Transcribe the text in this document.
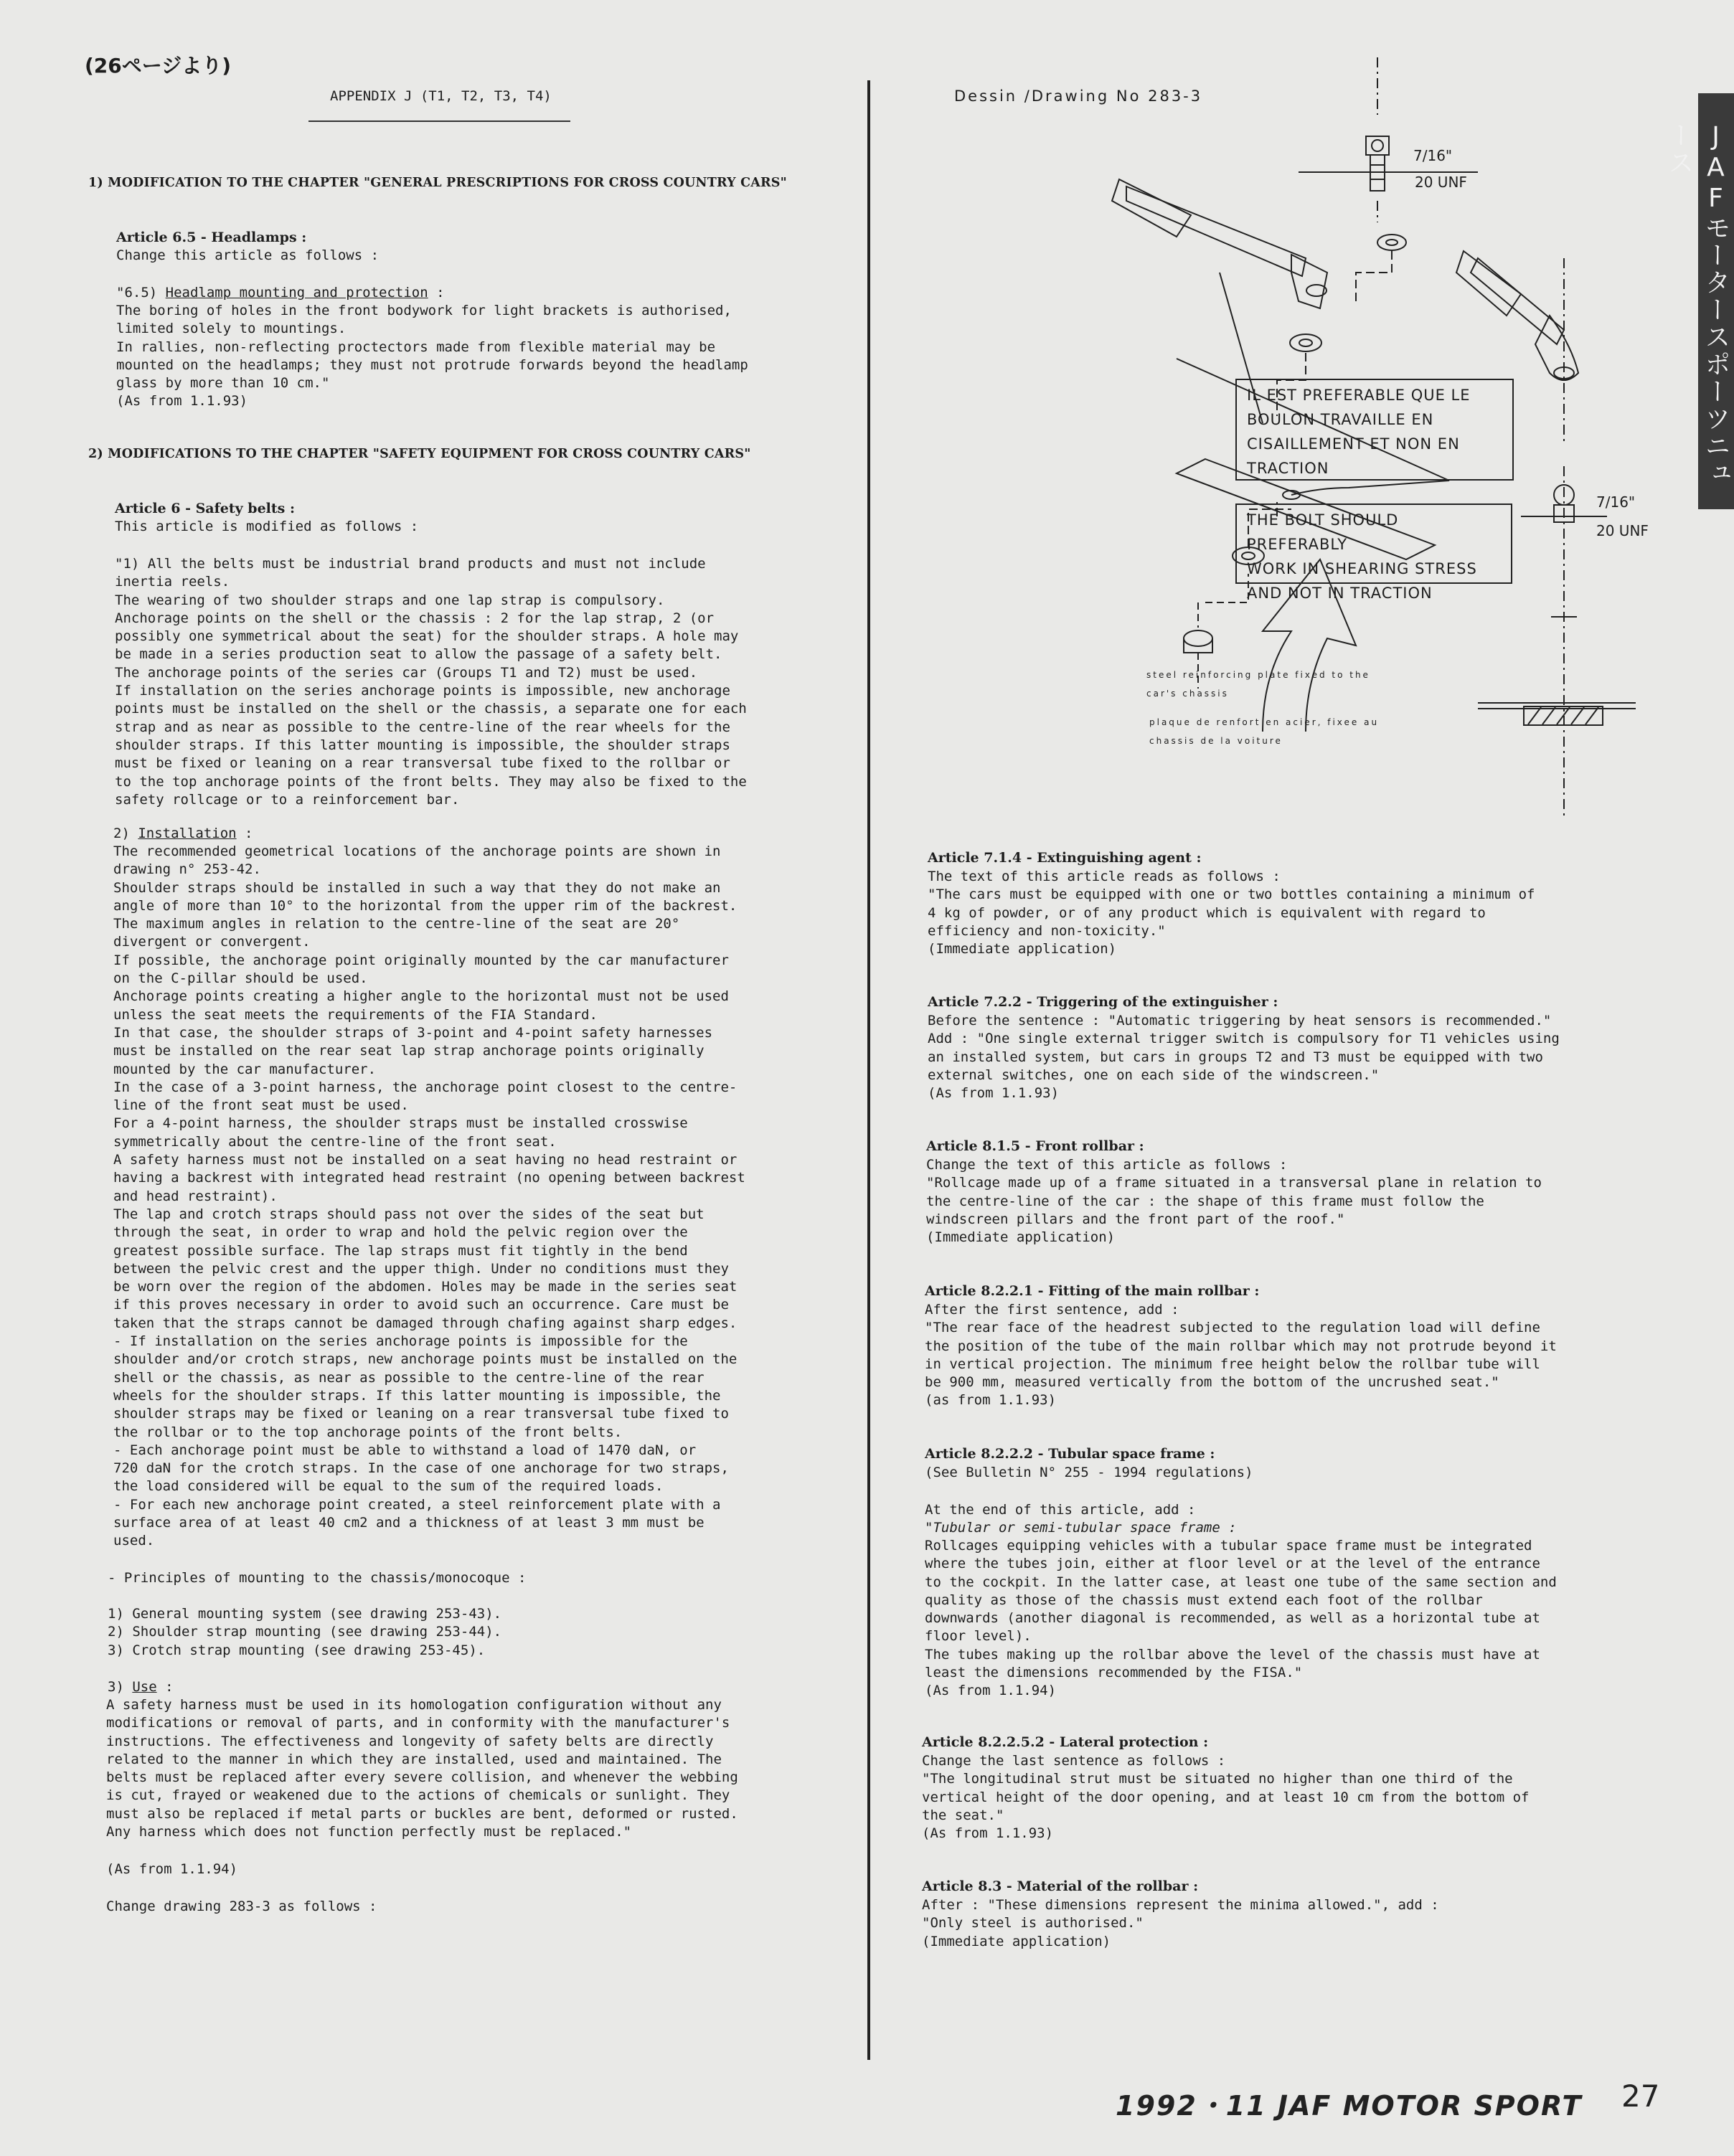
(26ページより)
APPENDIX J (T1, T2, T3, T4)
JAFモータースポーツニュース
1) MODIFICATION TO THE CHAPTER "GENERAL PRESCRIPTIONS FOR CROSS COUNTRY CARS"
Article 6.5 - Headlamps :
Change this article as follows :
"6.5) Headlamp mounting and protection :
The boring of holes in the front bodywork for light brackets is authorised,
limited solely to mountings.
In rallies, non-reflecting proctectors made from flexible material may be
mounted on the headlamps; they must not protrude forwards beyond the headlamp
glass by more than 10 cm."
(As from 1.1.93)
2) MODIFICATIONS TO THE CHAPTER "SAFETY EQUIPMENT FOR CROSS COUNTRY CARS"
Article 6 - Safety belts :
This article is modified as follows :
"1) All the belts must be industrial brand products and must not include
inertia reels.
The wearing of two shoulder straps and one lap strap is compulsory.
Anchorage points on the shell or the chassis : 2 for the lap strap, 2 (or
possibly one symmetrical about the seat) for the shoulder straps. A hole may
be made in a series production seat to allow the passage of a safety belt.
The anchorage points of the series car (Groups T1 and T2) must be used.
If installation on the series anchorage points is impossible, new anchorage
points must be installed on the shell or the chassis, a separate one for each
strap and as near as possible to the centre-line of the rear wheels for the
shoulder straps. If this latter mounting is impossible, the shoulder straps
must be fixed or leaning on a rear transversal tube fixed to the rollbar or
to the top anchorage points of the front belts. They may also be fixed to the
safety rollcage or to a reinforcement bar.
2) Installation :
The recommended geometrical locations of the anchorage points are shown in
drawing n° 253-42.
Shoulder straps should be installed in such a way that they do not make an
angle of more than 10° to the horizontal from the upper rim of the backrest.
The maximum angles in relation to the centre-line of the seat are 20°
divergent or convergent.
If possible, the anchorage point originally mounted by the car manufacturer
on the C-pillar should be used.
Anchorage points creating a higher angle to the horizontal must not be used
unless the seat meets the requirements of the FIA Standard.
In that case, the shoulder straps of 3-point and 4-point safety harnesses
must be installed on the rear seat lap strap anchorage points originally
mounted by the car manufacturer.
In the case of a 3-point harness, the anchorage point closest to the centre-
line of the front seat must be used.
For a 4-point harness, the shoulder straps must be installed crosswise
symmetrically about the centre-line of the front seat.
A safety harness must not be installed on a seat having no head restraint or
having a backrest with integrated head restraint (no opening between backrest
and head restraint).
The lap and crotch straps should pass not over the sides of the seat but
through the seat, in order to wrap and hold the pelvic region over the
greatest possible surface. The lap straps must fit tightly in the bend
between the pelvic crest and the upper thigh. Under no conditions must they
be worn over the region of the abdomen. Holes may be made in the series seat
if this proves necessary in order to avoid such an occurrence. Care must be
taken that the straps cannot be damaged through chafing against sharp edges.
- If installation on the series anchorage points is impossible for the
shoulder and/or crotch straps, new anchorage points must be installed on the
shell or the chassis, as near as possible to the centre-line of the rear
wheels for the shoulder straps. If this latter mounting is impossible, the
shoulder straps may be fixed or leaning on a rear transversal tube fixed to
the rollbar or to the top anchorage points of the front belts.
- Each anchorage point must be able to withstand a load of 1470 daN, or
720 daN for the crotch straps. In the case of one anchorage for two straps,
the load considered will be equal to the sum of the required loads.
- For each new anchorage point created, a steel reinforcement plate with a
surface area of at least 40 cm2 and a thickness of at least 3 mm must be
used.
- Principles of mounting to the chassis/monocoque :
1) General mounting system (see drawing 253-43).
2) Shoulder strap mounting (see drawing 253-44).
3) Crotch strap mounting (see drawing 253-45).
3) Use :
A safety harness must be used in its homologation configuration without any
modifications or removal of parts, and in conformity with the manufacturer's
instructions. The effectiveness and longevity of safety belts are directly
related to the manner in which they are installed, used and maintained. The
belts must be replaced after every severe collision, and whenever the webbing
is cut, frayed or weakened due to the actions of chemicals or sunlight. They
must also be replaced if metal parts or buckles are bent, deformed or rusted.
Any harness which does not function perfectly must be replaced."
(As from 1.1.94)
Change drawing 283-3 as follows :
Dessin /Drawing No 283-3
7/16"
20 UNF
7/16"
20 UNF
IL EST PREFERABLE QUE LE
BOULON TRAVAILLE EN
CISAILLEMENT ET NON EN
TRACTION
THE BOLT SHOULD PREFERABLY
WORK IN SHEARING STRESS
AND NOT IN TRACTION
steel reinforcing plate fixed to the
car's chassis
plaque de renfort en acier, fixee au
chassis de la voiture
Article 7.1.4 - Extinguishing agent :
The text of this article reads as follows :
"The cars must be equipped with one or two bottles containing a minimum of
4 kg of powder, or of any product which is equivalent with regard to
efficiency and non-toxicity."
(Immediate application)
Article 7.2.2 - Triggering of the extinguisher :
Before the sentence : "Automatic triggering by heat sensors is recommended."
Add : "One single external trigger switch is compulsory for T1 vehicles using
an installed system, but cars in groups T2 and T3 must be equipped with two
external switches, one on each side of the windscreen."
(As from 1.1.93)
Article 8.1.5 - Front rollbar :
Change the text of this article as follows :
"Rollcage made up of a frame situated in a transversal plane in relation to
the centre-line of the car : the shape of this frame must follow the
windscreen pillars and the front part of the roof."
(Immediate application)
Article 8.2.2.1 - Fitting of the main rollbar :
After the first sentence, add :
"The rear face of the headrest subjected to the regulation load will define
the position of the tube of the main rollbar which may not protrude beyond it
in vertical projection. The minimum free height below the rollbar tube will
be 900 mm, measured vertically from the bottom of the uncrushed seat."
(as from 1.1.93)
Article 8.2.2.2 - Tubular space frame :
(See Bulletin N° 255 - 1994 regulations)
At the end of this article, add :
"Tubular or semi-tubular space frame :
Rollcages equipping vehicles with a tubular space frame must be integrated
where the tubes join, either at floor level or at the level of the entrance
to the cockpit. In the latter case, at least one tube of the same section and
quality as those of the chassis must extend each foot of the rollbar
downwards (another diagonal is recommended, as well as a horizontal tube at
floor level).
The tubes making up the rollbar above the level of the chassis must have at
least the dimensions recommended by the FISA."
(As from 1.1.94)
Article 8.2.2.5.2 - Lateral protection :
Change the last sentence as follows :
"The longitudinal strut must be situated no higher than one third of the
vertical height of the door opening, and at least 10 cm from the bottom of
the seat."
(As from 1.1.93)
Article 8.3 - Material of the rollbar :
After : "These dimensions represent the minima allowed.", add :
"Only steel is authorised."
(Immediate application)
1992・11 JAF MOTOR SPORT 27
